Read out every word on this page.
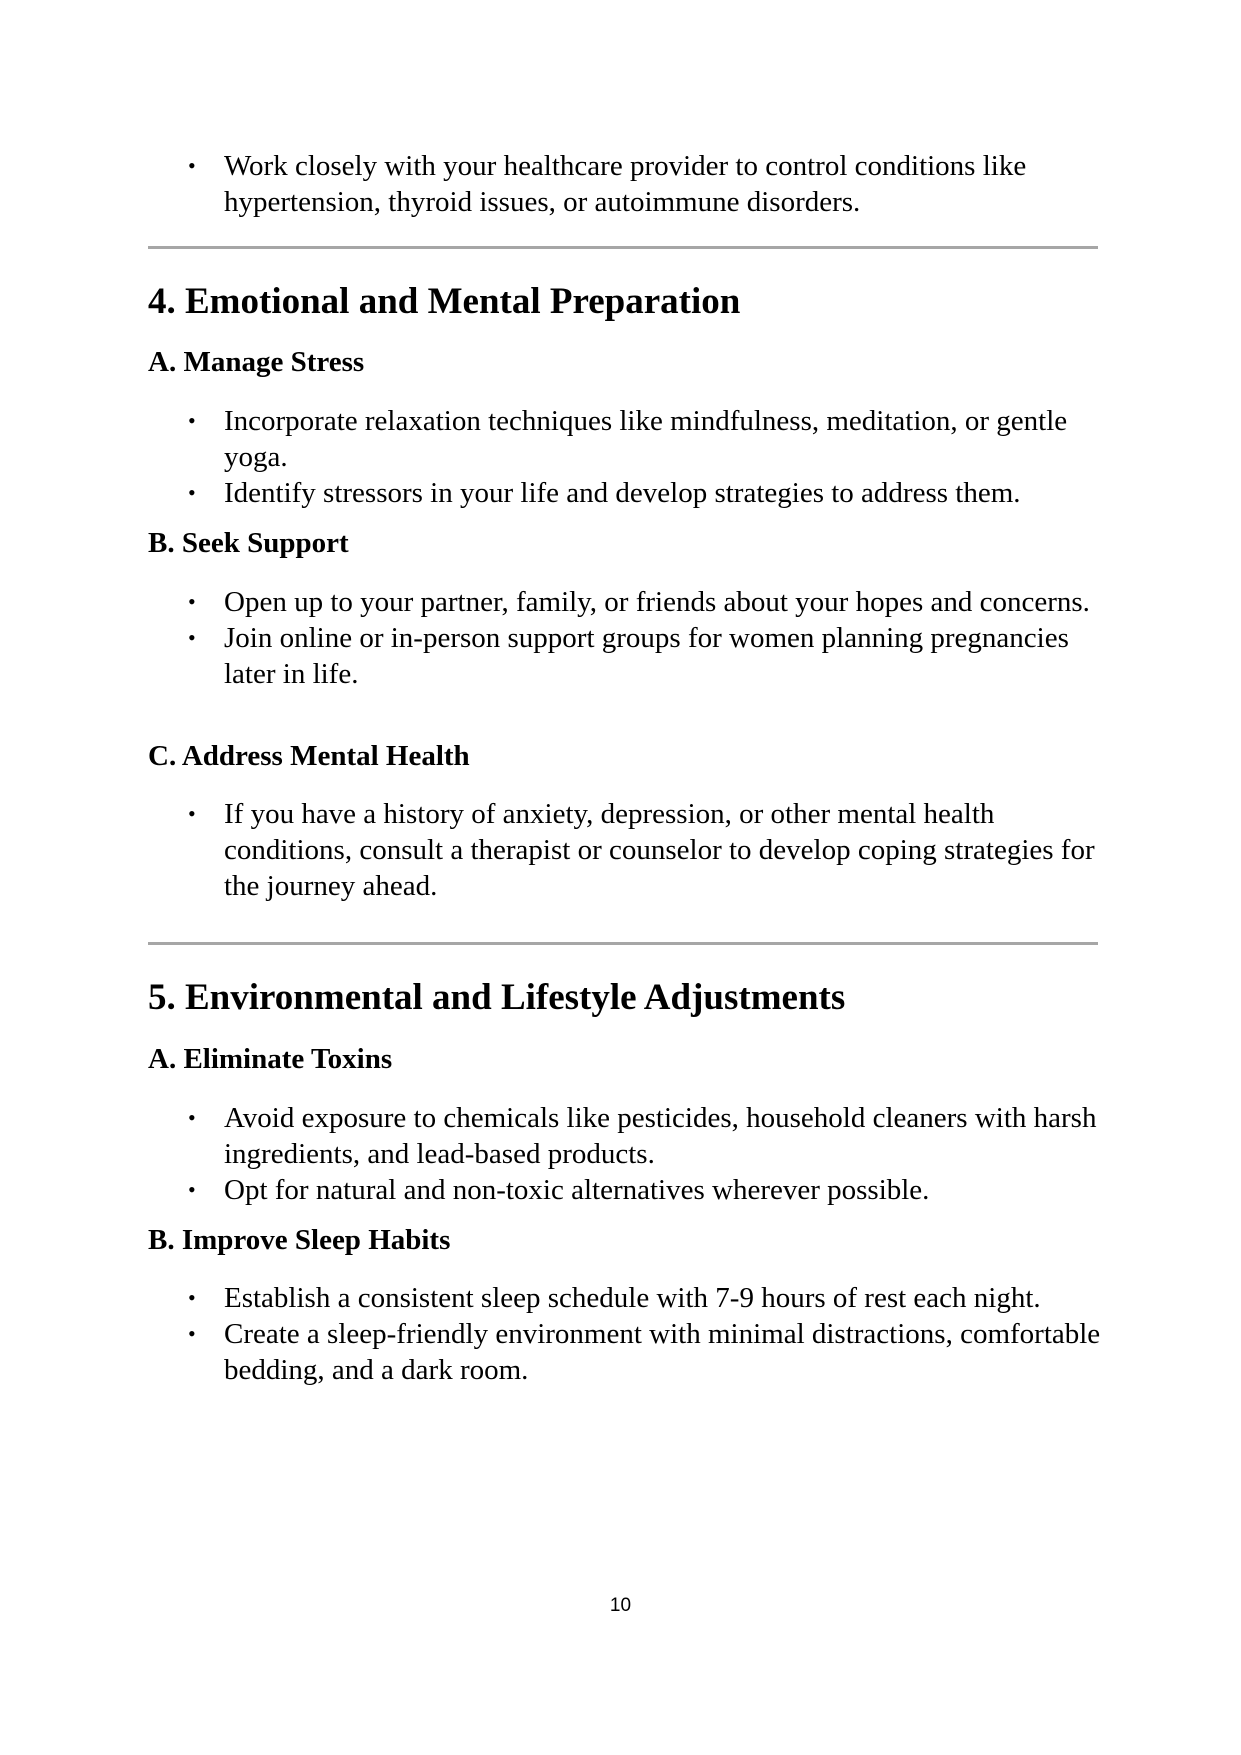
• Work closely with your healthcare provider to control conditions like hypertension, thyroid issues, or autoimmune disorders.
4. Emotional and Mental Preparation
A. Manage Stress
• Incorporate relaxation techniques like mindfulness, meditation, or gentle yoga.
• Identify stressors in your life and develop strategies to address them.
B. Seek Support
• Open up to your partner, family, or friends about your hopes and concerns.
• Join online or in-person support groups for women planning pregnancies later in life.
C. Address Mental Health
• If you have a history of anxiety, depression, or other mental health conditions, consult a therapist or counselor to develop coping strategies for the journey ahead.
5. Environmental and Lifestyle Adjustments
A. Eliminate Toxins
• Avoid exposure to chemicals like pesticides, household cleaners with harsh ingredients, and lead-based products.
• Opt for natural and non-toxic alternatives wherever possible.
B. Improve Sleep Habits
• Establish a consistent sleep schedule with 7-9 hours of rest each night.
• Create a sleep-friendly environment with minimal distractions, comfortable bedding, and a dark room.
10
